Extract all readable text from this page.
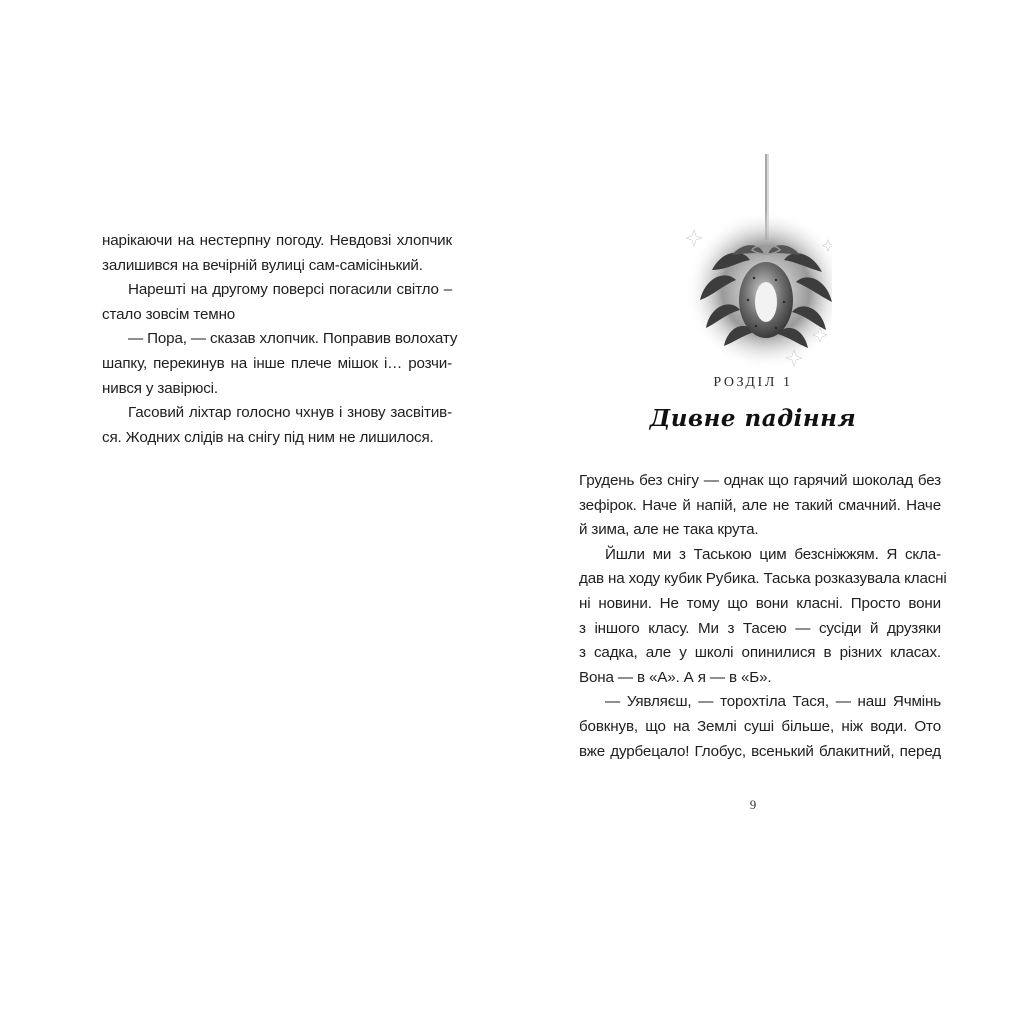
нарікаючи на нестерпну погоду. Невдовзі хлопчик
залишився на вечірній вулиці сам-самісінький.
Нарешті на другому поверсі погасили світло –
стало зовсім темно
— Пора, — сказав хлопчик. Поправив волохату
шапку, перекинув на інше плече мішок і… розчи-
нився у завірюсі.
Гасовий ліхтар голосно чхнув і знову засвітив-
ся. Жодних слідів на снігу під ним не лишилося.
РОЗДІЛ 1
Дивне падіння
Грудень без снігу — однак що гарячий шоколад без
зефірок. Наче й напій, але не такий смачний. Наче
й зима, але не така крута.
Йшли ми з Таською цим безсніжжям. Я скла-
дав на ходу кубик Рубика. Таська розказувала класні
ні новини. Не тому що вони класні. Просто вони
з іншого класу. Ми з Тасею — сусіди й друзяки
з садка, але у школі опинилися в різних класах.
Вона — в «А». А я — в «Б».
— Уявляєш, — торохтіла Тася, — наш Ячмінь
бовкнув, що на Землі суші більше, ніж води. Ото
вже дурбецало! Глобус, всенький блакитний, перед
9
